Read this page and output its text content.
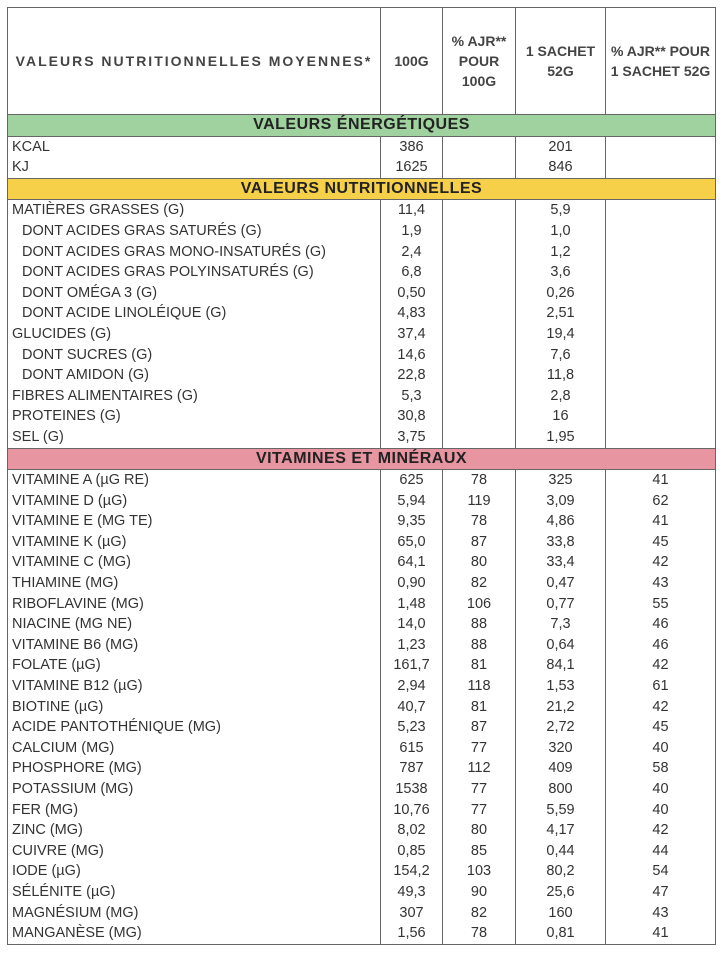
VALEURS NUTRITIONNELLES MOYENNES*	100G	% AJR** POUR 100G	1 SACHET 52G	% AJR** POUR 1 SACHET 52G
VALEURS ÉNERGÉTIQUES				
KCAL	386		201	
KJ	1625		846	
VALEURS NUTRITIONNELLES				
MATIÈRES GRASSES (G)	11,4		5,9	
DONT ACIDES GRAS SATURÉS (G)	1,9		1,0	
DONT ACIDES GRAS MONO-INSATURÉS (G)	2,4		1,2	
DONT ACIDES GRAS POLYINSATURÉS (G)	6,8		3,6	
DONT OMÉGA 3 (G)	0,50		0,26	
DONT ACIDE LINOLÉIQUE (G)	4,83		2,51	
GLUCIDES (G)	37,4		19,4	
DONT SUCRES (G)	14,6		7,6	
DONT AMIDON (G)	22,8		11,8	
FIBRES ALIMENTAIRES (G)	5,3		2,8	
PROTEINES (G)	30,8		16	
SEL (G)	3,75		1,95	
VITAMINES ET MINÉRAUX				
VITAMINE A (µG RE)	625	78	325	41
VITAMINE D (µG)	5,94	119	3,09	62
VITAMINE E (MG TE)	9,35	78	4,86	41
VITAMINE K (µG)	65,0	87	33,8	45
VITAMINE C (MG)	64,1	80	33,4	42
THIAMINE (MG)	0,90	82	0,47	43
RIBOFLAVINE (MG)	1,48	106	0,77	55
NIACINE (MG NE)	14,0	88	7,3	46
VITAMINE B6 (MG)	1,23	88	0,64	46
FOLATE (µG)	161,7	81	84,1	42
VITAMINE B12 (µG)	2,94	118	1,53	61
BIOTINE (µG)	40,7	81	21,2	42
ACIDE PANTOTHÉNIQUE (MG)	5,23	87	2,72	45
CALCIUM (MG)	615	77	320	40
PHOSPHORE (MG)	787	112	409	58
POTASSIUM (MG)	1538	77	800	40
FER (MG)	10,76	77	5,59	40
ZINC (MG)	8,02	80	4,17	42
CUIVRE (MG)	0,85	85	0,44	44
IODE (µG)	154,2	103	80,2	54
SÉLÉNITE (µG)	49,3	90	25,6	47
MAGNÉSIUM (MG)	307	82	160	43
MANGANÈSE (MG)	1,56	78	0,81	41
